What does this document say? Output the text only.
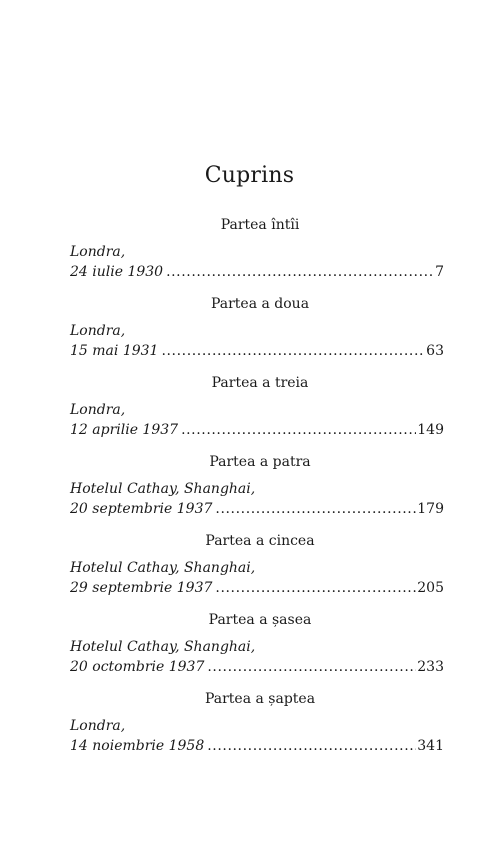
Cuprins
Partea întîi
Londra,
24 iulie 1930 .....	7
Partea a doua
Londra,
15 mai 1931 .....	63
Partea a treia
Londra,
12 aprilie 1937 .....	149
Partea a patra
Hotelul Cathay, Shanghai,
20 septembrie 1937 .....	179
Partea a cincea
Hotelul Cathay, Shanghai,
29 septembrie 1937 .....	205
Partea a șasea
Hotelul Cathay, Shanghai,
20 octombrie 1937 .....	233
Partea a șaptea
Londra,
14 noiembrie 1958 .....	341
